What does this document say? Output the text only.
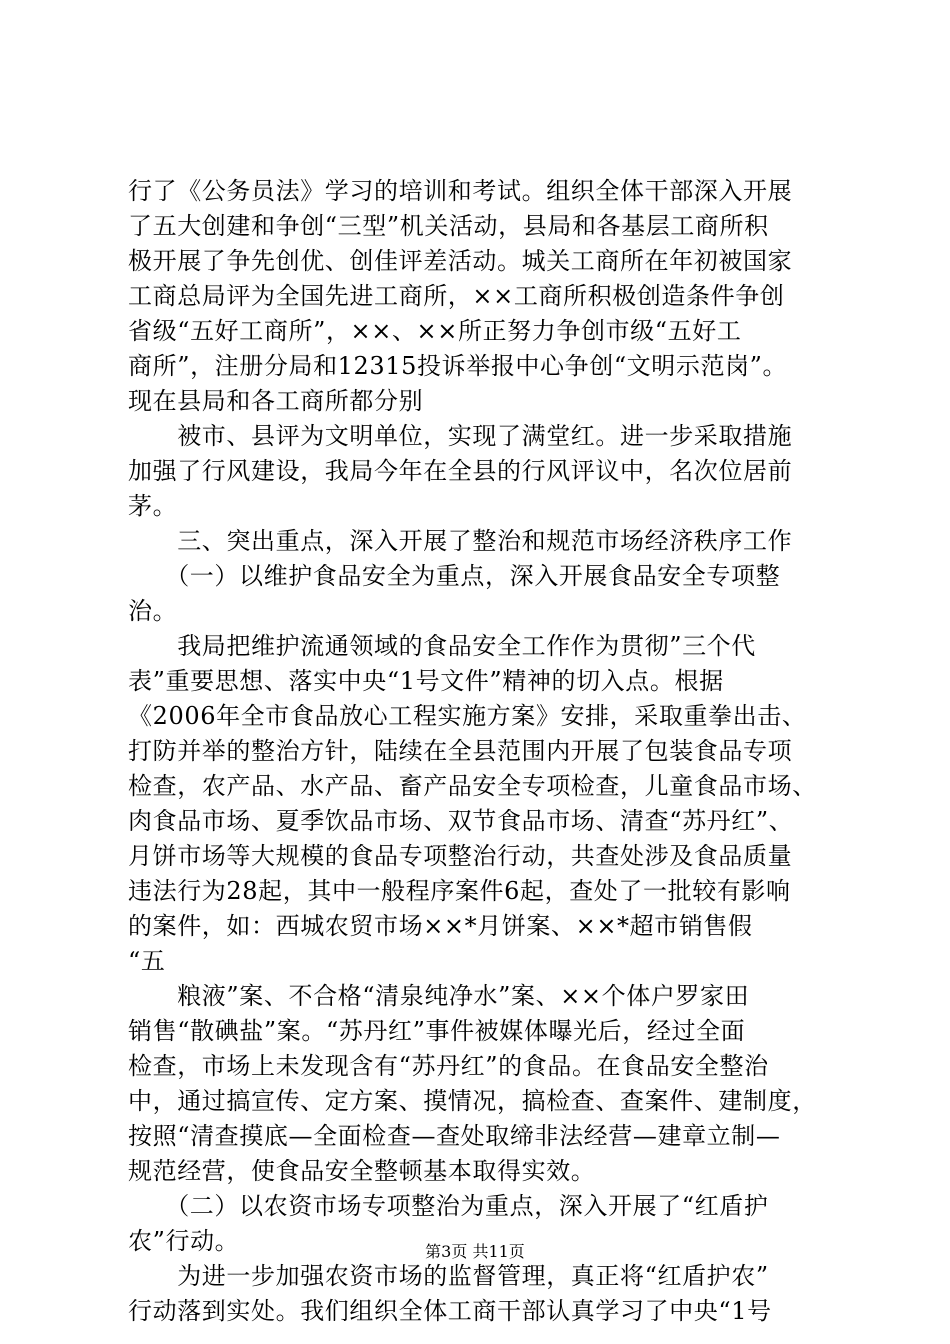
行了《公务员法》学习的培训和考试。组织全体干部深入开展
了五大创建和争创“三型”机关活动，县局和各基层工商所积
极开展了争先创优、创佳评差活动。城关工商所在年初被国家
工商总局评为全国先进工商所，××工商所积极创造条件争创
省级“五好工商所”，××、××所正努力争创市级“五好工
商所”，注册分局和12315投诉举报中心争创“文明示范岗”。
现在县局和各工商所都分别
　　被市、县评为文明单位，实现了满堂红。进一步采取措施
加强了行风建设，我局今年在全县的行风评议中，名次位居前
茅。
　　三、突出重点，深入开展了整治和规范市场经济秩序工作
　　（一）以维护食品安全为重点，深入开展食品安全专项整
治。
　　我局把维护流通领域的食品安全工作作为贯彻”三个代
表”重要思想、落实中央“1号文件”精神的切入点。根据
《2006年全市食品放心工程实施方案》安排，采取重拳出击、
打防并举的整治方针，陆续在全县范围内开展了包装食品专项
检查，农产品、水产品、畜产品安全专项检查，儿童食品市场、
肉食品市场、夏季饮品市场、双节食品市场、清查“苏丹红”、
月饼市场等大规模的食品专项整治行动，共查处涉及食品质量
违法行为28起，其中一般程序案件6起，查处了一批较有影响
的案件，如：西城农贸市场××*月饼案、××*超市销售假
“五
　　粮液”案、不合格“清泉纯净水”案、××个体户罗家田
销售“散碘盐”案。“苏丹红”事件被媒体曝光后，经过全面
检查，市场上未发现含有“苏丹红”的食品。在食品安全整治
中，通过搞宣传、定方案、摸情况，搞检查、查案件、建制度，
按照“清查摸底—全面检查—查处取缔非法经营—建章立制—
规范经营，使食品安全整顿基本取得实效。
　　（二）以农资市场专项整治为重点，深入开展了“红盾护
农”行动。
　　为进一步加强农资市场的监督管理，真正将“红盾护农”
行动落到实处。我们组织全体工商干部认真学习了中央“1号
第3页 共11页
